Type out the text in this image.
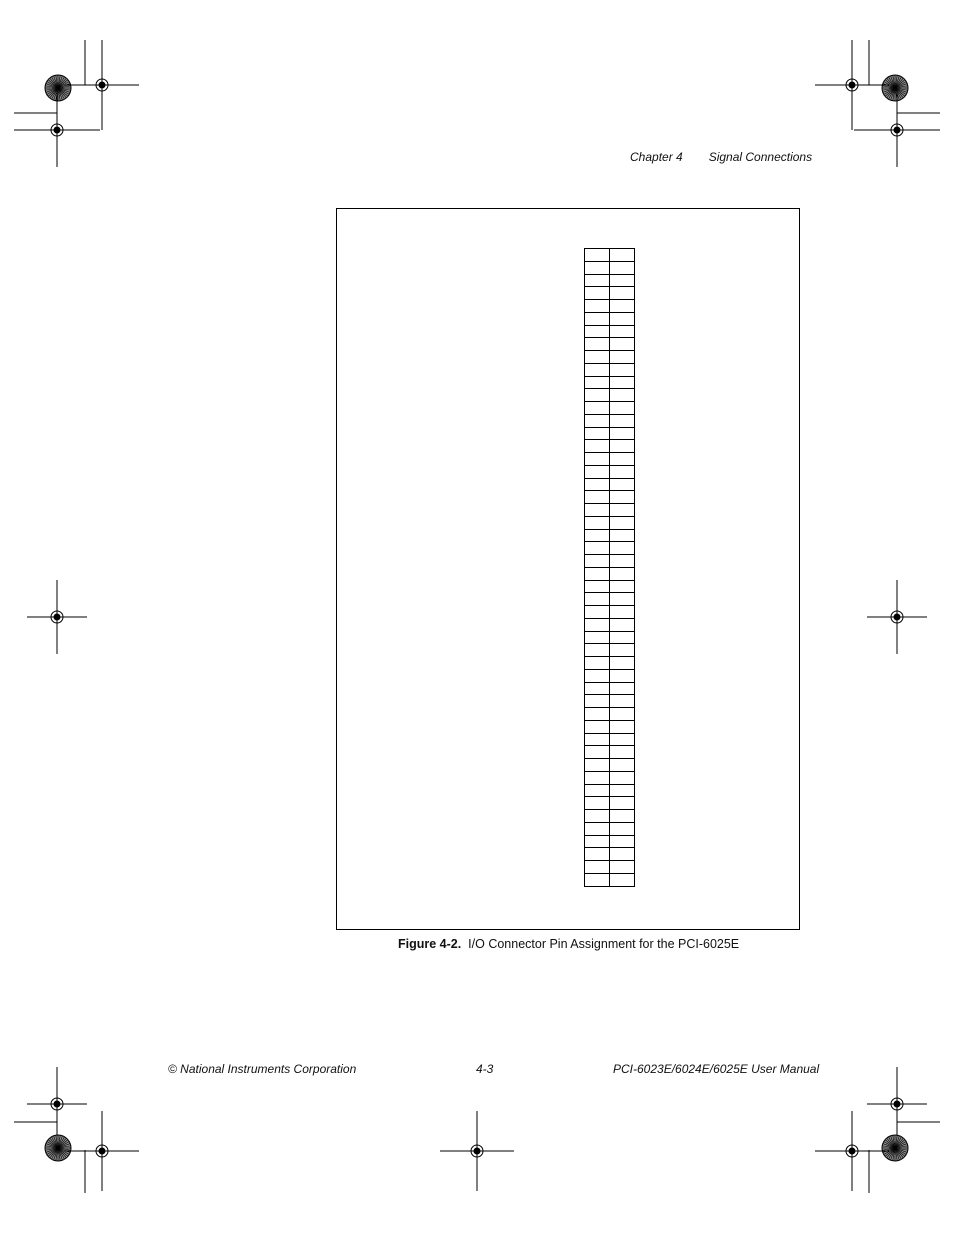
Chapter 4 Signal Connections

Figure 4-2. I/O Connector Pin Assignment for the PCI-6025E
© National Instruments Corporation	4-3	PCI-6023E/6024E/6025E User Manual
